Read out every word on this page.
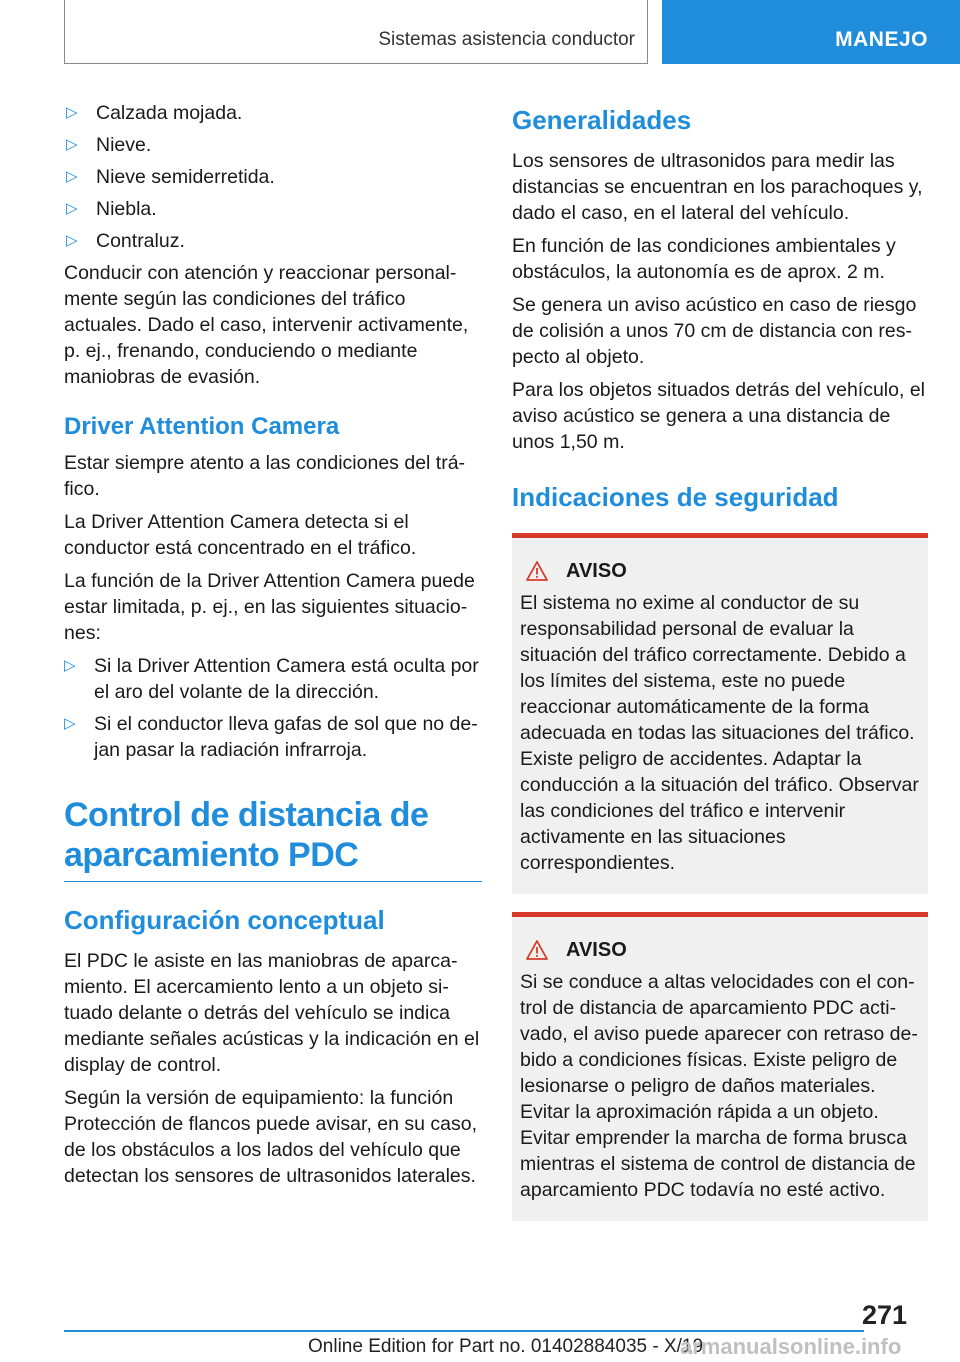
Sistemas asistencia conductor	MANEJO
▷ Calzada mojada.
▷ Nieve.
▷ Nieve semiderretida.
▷ Niebla.
▷ Contraluz.

Conducir con atención y reaccionar personalmente según las condiciones del tráfico actuales. Dado el caso, intervenir activamente, p. ej., frenando, conduciendo o mediante maniobras de evasión.

Driver Attention Camera

Estar siempre atento a las condiciones del tráfico.

La Driver Attention Camera detecta si el conductor está concentrado en el tráfico.

La función de la Driver Attention Camera puede estar limitada, p. ej., en las siguientes situaciones:

▷ Si la Driver Attention Camera está oculta por el aro del volante de la dirección.
▷ Si el conductor lleva gafas de sol que no dejan pasar la radiación infrarroja.
Control de distancia de aparcamiento PDC
Configuración conceptual

El PDC le asiste en las maniobras de aparcamiento. El acercamiento lento a un objeto situado delante o detrás del vehículo se indica mediante señales acústicas y la indicación en el display de control.

Según la versión de equipamiento: la función Protección de flancos puede avisar, en su caso, de los obstáculos a los lados del vehículo que detectan los sensores de ultrasonidos laterales.

Generalidades

Los sensores de ultrasonidos para medir las distancias se encuentran en los parachoques y, dado el caso, en el lateral del vehículo.

En función de las condiciones ambientales y obstáculos, la autonomía es de aprox. 2 m.

Se genera un aviso acústico en caso de riesgo de colisión a unos 70 cm de distancia con respecto al objeto.

Para los objetos situados detrás del vehículo, el aviso acústico se genera a una distancia de unos 1,50 m.

Indicaciones de seguridad
AVISO
El sistema no exime al conductor de su responsabilidad personal de evaluar la situación del tráfico correctamente. Debido a los límites del sistema, este no puede reaccionar automáticamente de la forma adecuada en todas las situaciones del tráfico. Existe peligro de accidentes. Adaptar la conducción a la situación del tráfico. Observar las condiciones del tráfico e intervenir activamente en las situaciones correspondientes.
AVISO
Si se conduce a altas velocidades con el control de distancia de aparcamiento PDC activado, el aviso puede aparecer con retraso debido a condiciones físicas. Existe peligro de lesionarse o peligro de daños materiales. Evitar la aproximación rápida a un objeto. Evitar emprender la marcha de forma brusca mientras el sistema de control de distancia de aparcamiento PDC todavía no esté activo.
271
Online Edition for Part no. 01402884035 - X/19
armanualsonline.info
